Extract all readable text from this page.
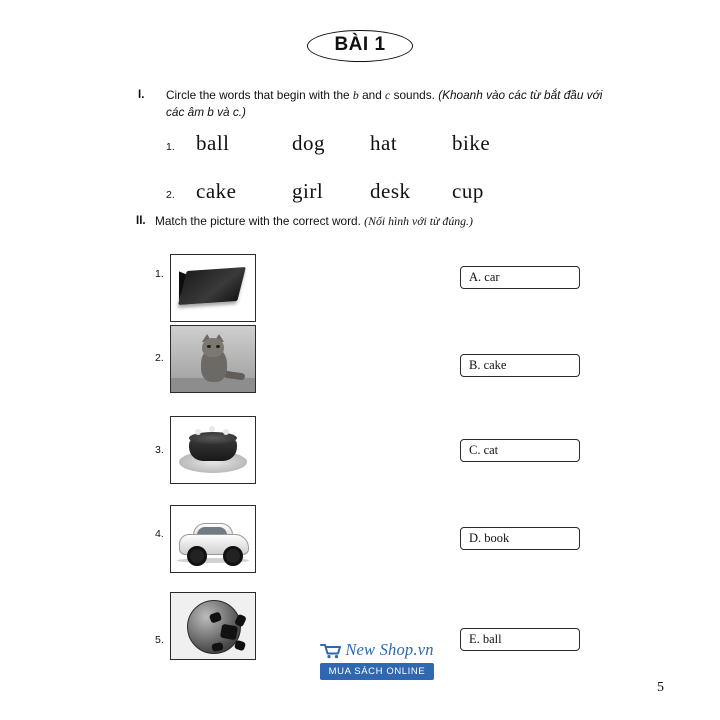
BÀI 1
I. Circle the words that begin with the b and c sounds. (Khoanh vào các từ bắt đầu với các âm b và c.)
1.	ball	dog	hat	bike
2.	cake	girl	desk	cup
II. Match the picture with the correct word. (Nối hình với từ đúng.)
1.
2.
3.
4.
5.
A. car
B. cake
C. cat
D. book
E. ball
New Shop.vn
MUA SÁCH ONLINE
5
